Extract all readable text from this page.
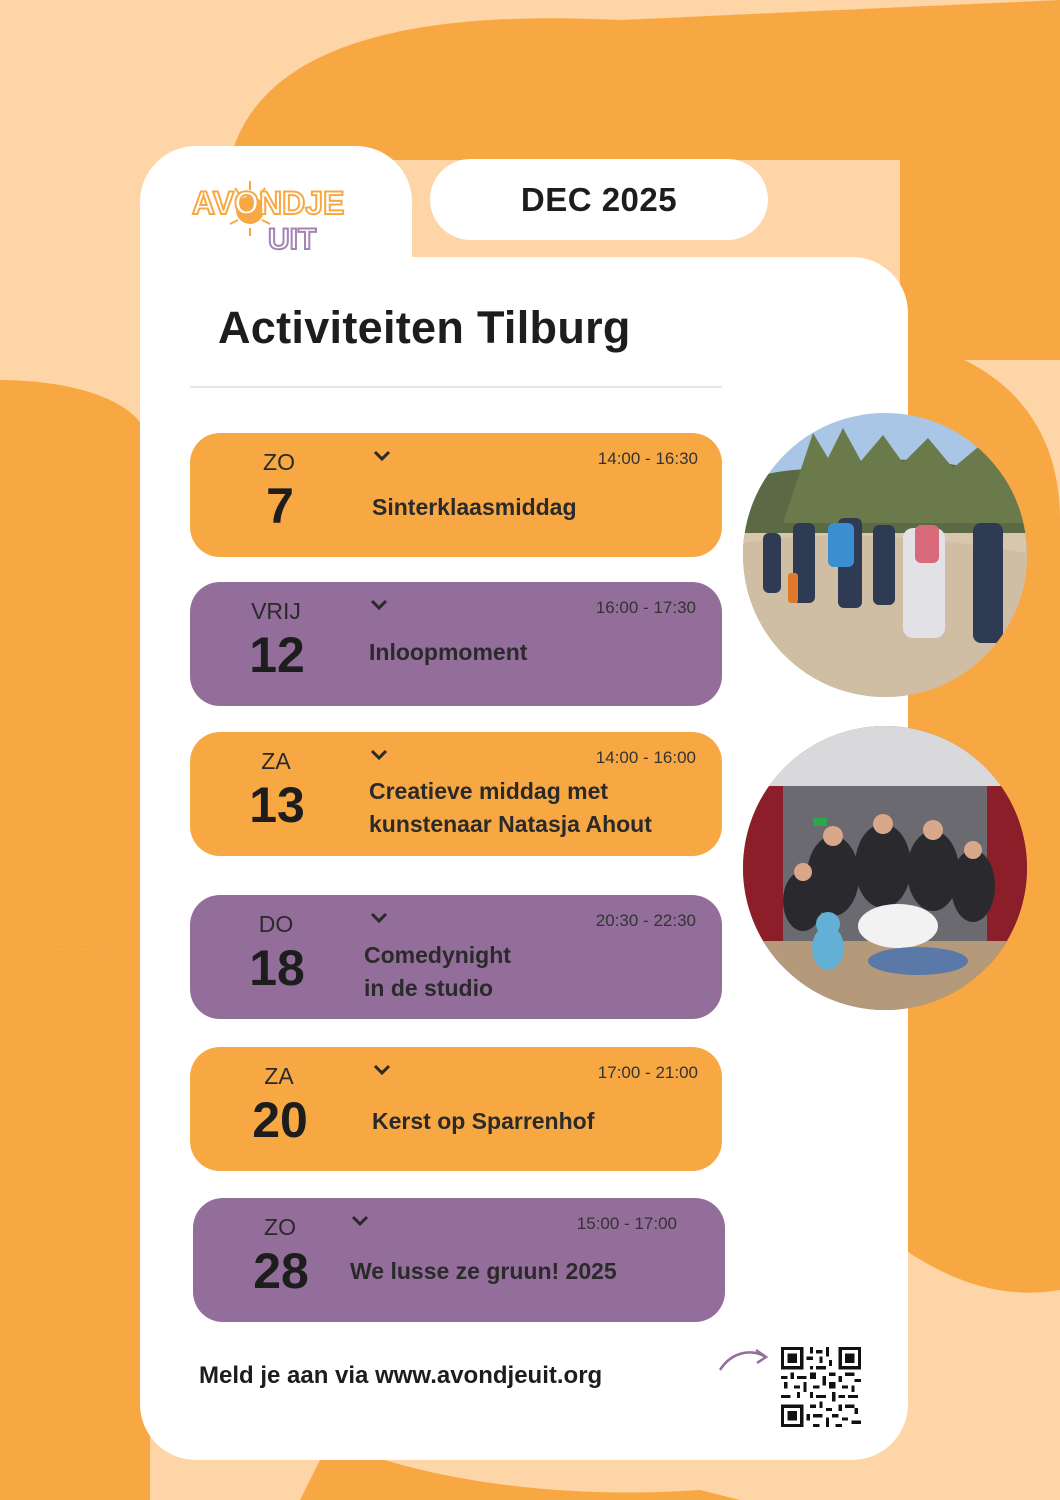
AVONDJE
UIT
DEC 2025
Activiteiten Tilburg
ZO
7
14:00 - 16:30
Sinterklaasmiddag
VRIJ
12
16:00 - 17:30
Inloopmoment
ZA
13
14:00 - 16:00
Creatieve middag met
kunstenaar Natasja Ahout
DO
18
20:30 - 22:30
Comedynight
in de studio
ZA
20
17:00 - 21:00
Kerst op Sparrenhof
ZO
28
15:00 - 17:00
We lusse ze gruun! 2025
Meld je aan via www.avondjeuit.org
